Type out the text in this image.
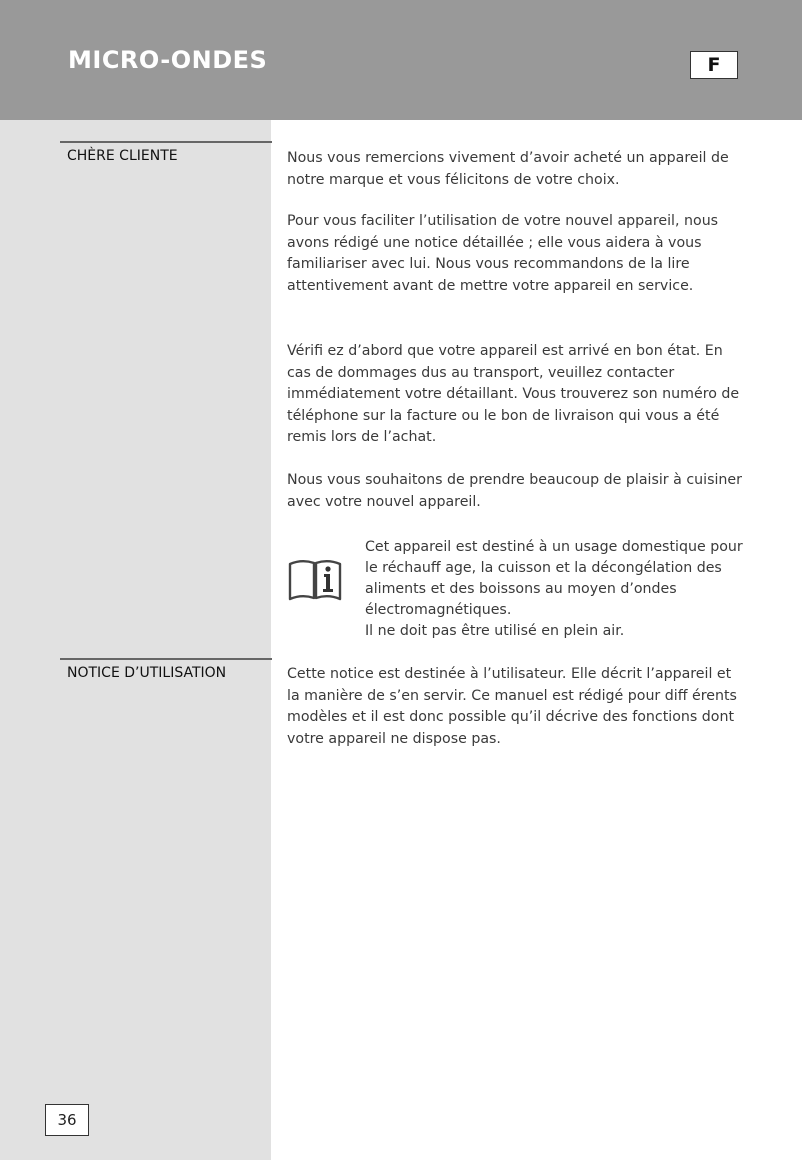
MICRO-ONDES	F
CHÈRE CLIENTE	Nous vous remercions vivement d’avoir acheté un appareil de notre marque et vous félicitons de votre choix.

Pour vous faciliter l’utilisation de votre nouvel appareil, nous avons rédigé une notice détaillée ; elle vous aidera à vous familiariser avec lui. Nous vous recommandons de la lire attentivement avant de mettre votre appareil en service.

Vérifi ez d’abord que votre appareil est arrivé en bon état. En cas de dommages dus au transport, veuillez contacter immédiatement votre détaillant. Vous trouverez son numéro de téléphone sur la facture ou le bon de livraison qui vous a été remis lors de l’achat.

Nous vous souhaitons de prendre beaucoup de plaisir à cuisiner avec votre nouvel appareil.

Cet appareil est destiné à un usage domestique pour le réchauff age, la cuisson et la décongélation des aliments et des boissons au moyen d’ondes électromagnétiques.
Il ne doit pas être utilisé en plein air.
NOTICE D’UTILISATION	Cette notice est destinée à l’utilisateur. Elle décrit l’appareil et la manière de s’en servir. Ce manuel est rédigé pour diff érents modèles et il est donc possible qu’il décrive des fonctions dont votre appareil ne dispose pas.

36
